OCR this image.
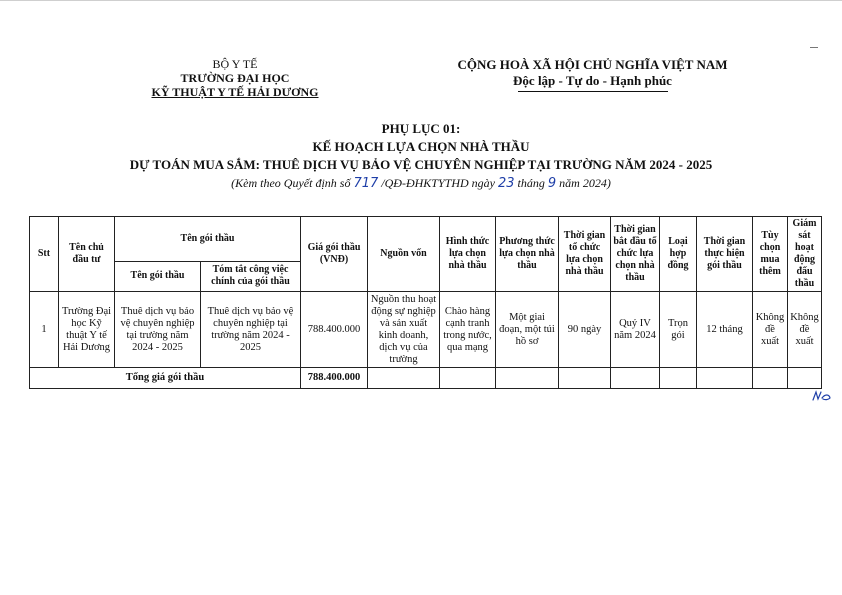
BỘ Y TẾ
TRƯỜNG ĐẠI HỌC
KỸ THUẬT Y TẾ HẢI DƯƠNG
CỘNG HOÀ XÃ HỘI CHỦ NGHĨA VIỆT NAM
Độc lập - Tự do - Hạnh phúc
PHỤ LỤC 01:
KẾ HOẠCH LỰA CHỌN NHÀ THẦU
DỰ TOÁN MUA SẮM: THUÊ DỊCH VỤ BẢO VỆ CHUYÊN NGHIỆP TẠI TRƯỜNG NĂM 2024 - 2025
(Kèm theo Quyết định số 717 /QĐ-ĐHKTYTHD ngày 23 tháng 9 năm 2024)
Stt	Tên chủ đầu tư	Tên gói thầu		Giá gói thầu (VNĐ)	Nguồn vốn	Hình thức lựa chọn nhà thầu	Phương thức lựa chọn nhà thầu	Thời gian tổ chức lựa chọn nhà thầu	Thời gian bắt đầu tổ chức lựa chọn nhà thầu	Loại hợp đồng	Thời gian thực hiện gói thầu	Tùy chọn mua thêm	Giám sát hoạt động đấu thầu
		Tên gói thầu	Tóm tắt công việc chính của gói thầu										
1	Trường Đại học Kỹ thuật Y tế Hải Dương	Thuê dịch vụ bảo vệ chuyên nghiệp tại trường năm 2024 - 2025	Thuê dịch vụ bảo vệ chuyên nghiệp tại trường năm 2024 - 2025	788.400.000	Nguồn thu hoạt động sự nghiệp và sản xuất kinh doanh, dịch vụ của trường	Chào hàng cạnh tranh trong nước, qua mạng	Một giai đoạn, một túi hồ sơ	90 ngày	Quý IV năm 2024	Trọn gói	12 tháng	Không đề xuất	Không đề xuất
Tổng giá gói thầu				788.400.000									
